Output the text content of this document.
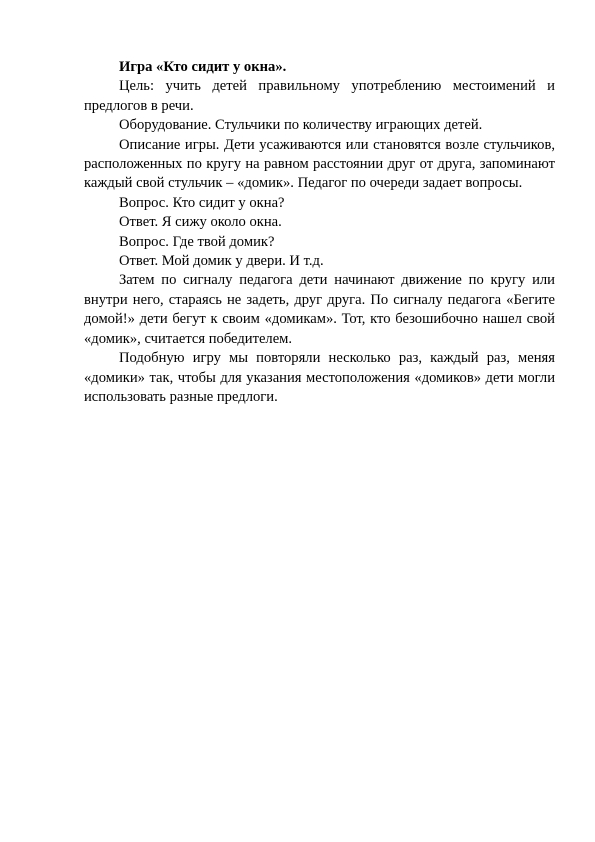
Игра «Кто сидит у окна».

Цель: учить детей правильному употреблению местоимений и предлогов в речи.

Оборудование. Стульчики по количеству играющих детей.

Описание игры. Дети усаживаются или становятся возле стульчиков, расположенных по кругу на равном расстоянии друг от друга, запоминают каждый свой стульчик – «домик». Педагог по очереди задает вопросы.

Вопрос. Кто сидит у окна?

Ответ. Я сижу около окна.

Вопрос. Где твой домик?

Ответ. Мой домик у двери. И т.д.

Затем по сигналу педагога дети начинают движение по кругу или внутри него, стараясь не задеть, друг друга. По сигналу педагога «Бегите домой!» дети бегут к своим «домикам». Тот, кто безошибочно нашел свой «домик», считается победителем.

Подобную игру мы повторяли несколько раз, каждый раз, меняя «домики» так, чтобы для указания местоположения «домиков» дети могли использовать разные предлоги.
